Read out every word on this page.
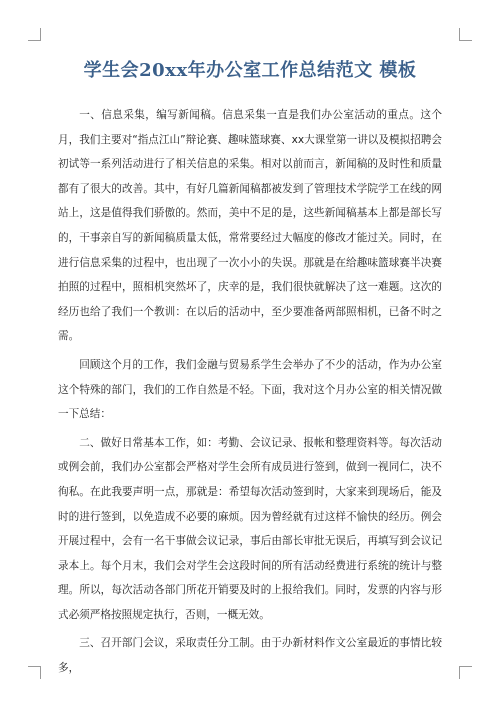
学生会20xx年办公室工作总结范文 模板

一、信息采集，编写新闻稿。信息采集一直是我们办公室活动的重点。这个月，我们主要对“指点江山”辩论赛、趣味篮球赛、xx大课堂第一讲以及模拟招聘会初试等一系列活动进行了相关信息的采集。相对以前而言，新闻稿的及时性和质量都有了很大的改善。其中，有好几篇新闻稿都被发到了管理技术学院学工在线的网站上，这是值得我们骄傲的。然而，美中不足的是，这些新闻稿基本上都是部长写的，干事亲自写的新闻稿质量太低，常常要经过大幅度的修改才能过关。同时，在进行信息采集的过程中，也出现了一次小小的失误。那就是在给趣味篮球赛半决赛拍照的过程中，照相机突然坏了，庆幸的是，我们很快就解决了这一难题。这次的经历也给了我们一个教训：在以后的活动中，至少要准备两部照相机，已备不时之需。

回顾这个月的工作，我们金融与贸易系学生会举办了不少的活动，作为办公室这个特殊的部门，我们的工作自然是不轻。下面，我对这个月办公室的相关情况做一下总结：

二、做好日常基本工作，如：考勤、会议记录、报帐和整理资料等。每次活动或例会前，我们办公室都会严格对学生会所有成员进行签到，做到一视同仁，决不徇私。在此我要声明一点，那就是：希望每次活动签到时，大家来到现场后，能及时的进行签到，以免造成不必要的麻烦。因为曾经就有过这样不愉快的经历。例会开展过程中，会有一名干事做会议记录，事后由部长审批无误后，再填写到会议记录本上。每个月末，我们会对学生会这段时间的所有活动经费进行系统的统计与整理。所以，每次活动各部门所花开销要及时的上报给我们。同时，发票的内容与形式必须严格按照规定执行，否则，一概无效。

三、召开部门会议，采取责任分工制。由于办新材料作文公室最近的事情比较多，
